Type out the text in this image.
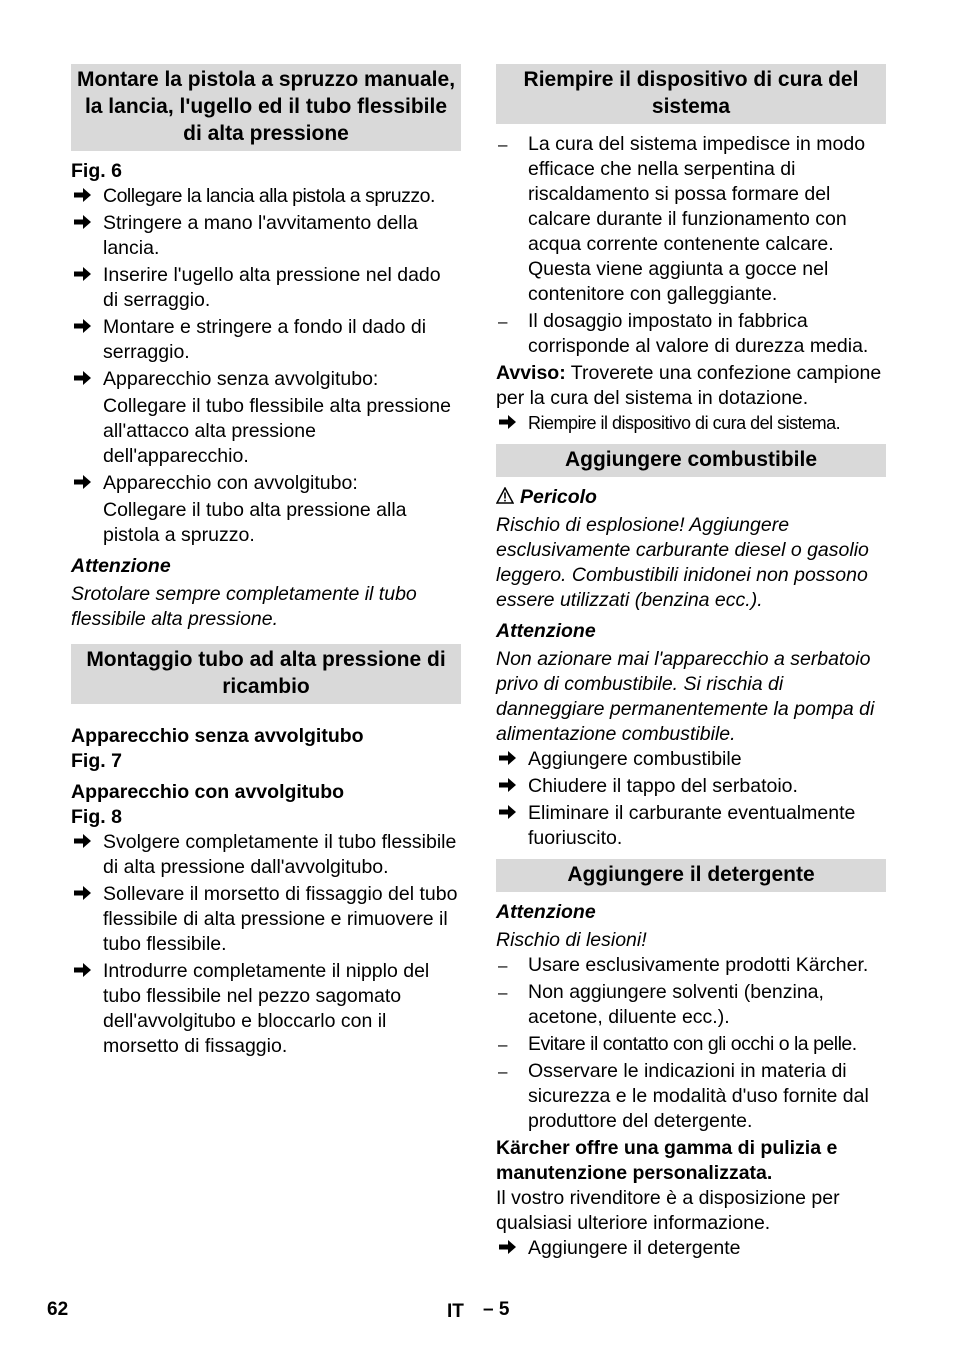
Montare la pistola a spruzzo manuale, la lancia, l'ugello ed il tubo flessibile di alta pressione
Fig. 6
Collegare la lancia alla pistola a spruzzo.
Stringere a mano l'avvitamento della lancia.
Inserire l'ugello alta pressione nel dado di serraggio.
Montare e stringere a fondo il dado di serraggio.
Apparecchio senza avvolgitubo:
Collegare il tubo flessibile alta pressione all'attacco alta pressione dell'apparecchio.
Apparecchio con avvolgitubo:
Collegare il tubo alta pressione alla pistola a spruzzo.
Attenzione
Srotolare sempre completamente il tubo flessibile alta pressione.
Montaggio tubo ad alta pressione di ricambio
Apparecchio senza avvolgitubo
Fig. 7
Apparecchio con avvolgitubo
Fig. 8
Svolgere completamente il tubo flessibile di alta pressione dall'avvolgitubo.
Sollevare il morsetto di fissaggio del tubo flessibile di alta pressione e rimuovere il tubo flessibile.
Introdurre completamente il nipplo del tubo flessibile nel pezzo sagomato dell'avvolgitubo e bloccarlo con il morsetto di fissaggio.
Riempire il dispositivo di cura del sistema
–	La cura del sistema impedisce in modo efficace che nella serpentina di riscaldamento si possa formare del calcare durante il funzionamento con acqua corrente contenente calcare. Questa viene aggiunta a gocce nel contenitore con galleggiante.
–	Il dosaggio impostato in fabbrica corrisponde al valore di durezza media.
Avviso: Troverete una confezione campione per la cura del sistema in dotazione.
Riempire il dispositivo di cura del sistema.
Aggiungere combustibile
Pericolo
Rischio di esplosione! Aggiungere esclusivamente carburante diesel o gasolio leggero. Combustibili inidonei non possono essere utilizzati (benzina ecc.).
Attenzione
Non azionare mai l'apparecchio a serbatoio privo di combustibile. Si rischia di danneggiare permanentemente la pompa di alimentazione combustibile.
Aggiungere combustibile
Chiudere il tappo del serbatoio.
Eliminare il carburante eventualmente fuoriuscito.
Aggiungere il detergente
Attenzione
Rischio di lesioni!
–	Usare esclusivamente prodotti Kärcher.
–	Non aggiungere solventi (benzina, acetone, diluente ecc.).
–	Evitare il contatto con gli occhi o la pelle.
–	Osservare le indicazioni in materia di sicurezza e le modalità d'uso fornite dal produttore del detergente.
Kärcher offre una gamma di pulizia e manutenzione personalizzata.
Il vostro rivenditore è a disposizione per qualsiasi ulteriore informazione.
Aggiungere il detergente
62	IT – 5
